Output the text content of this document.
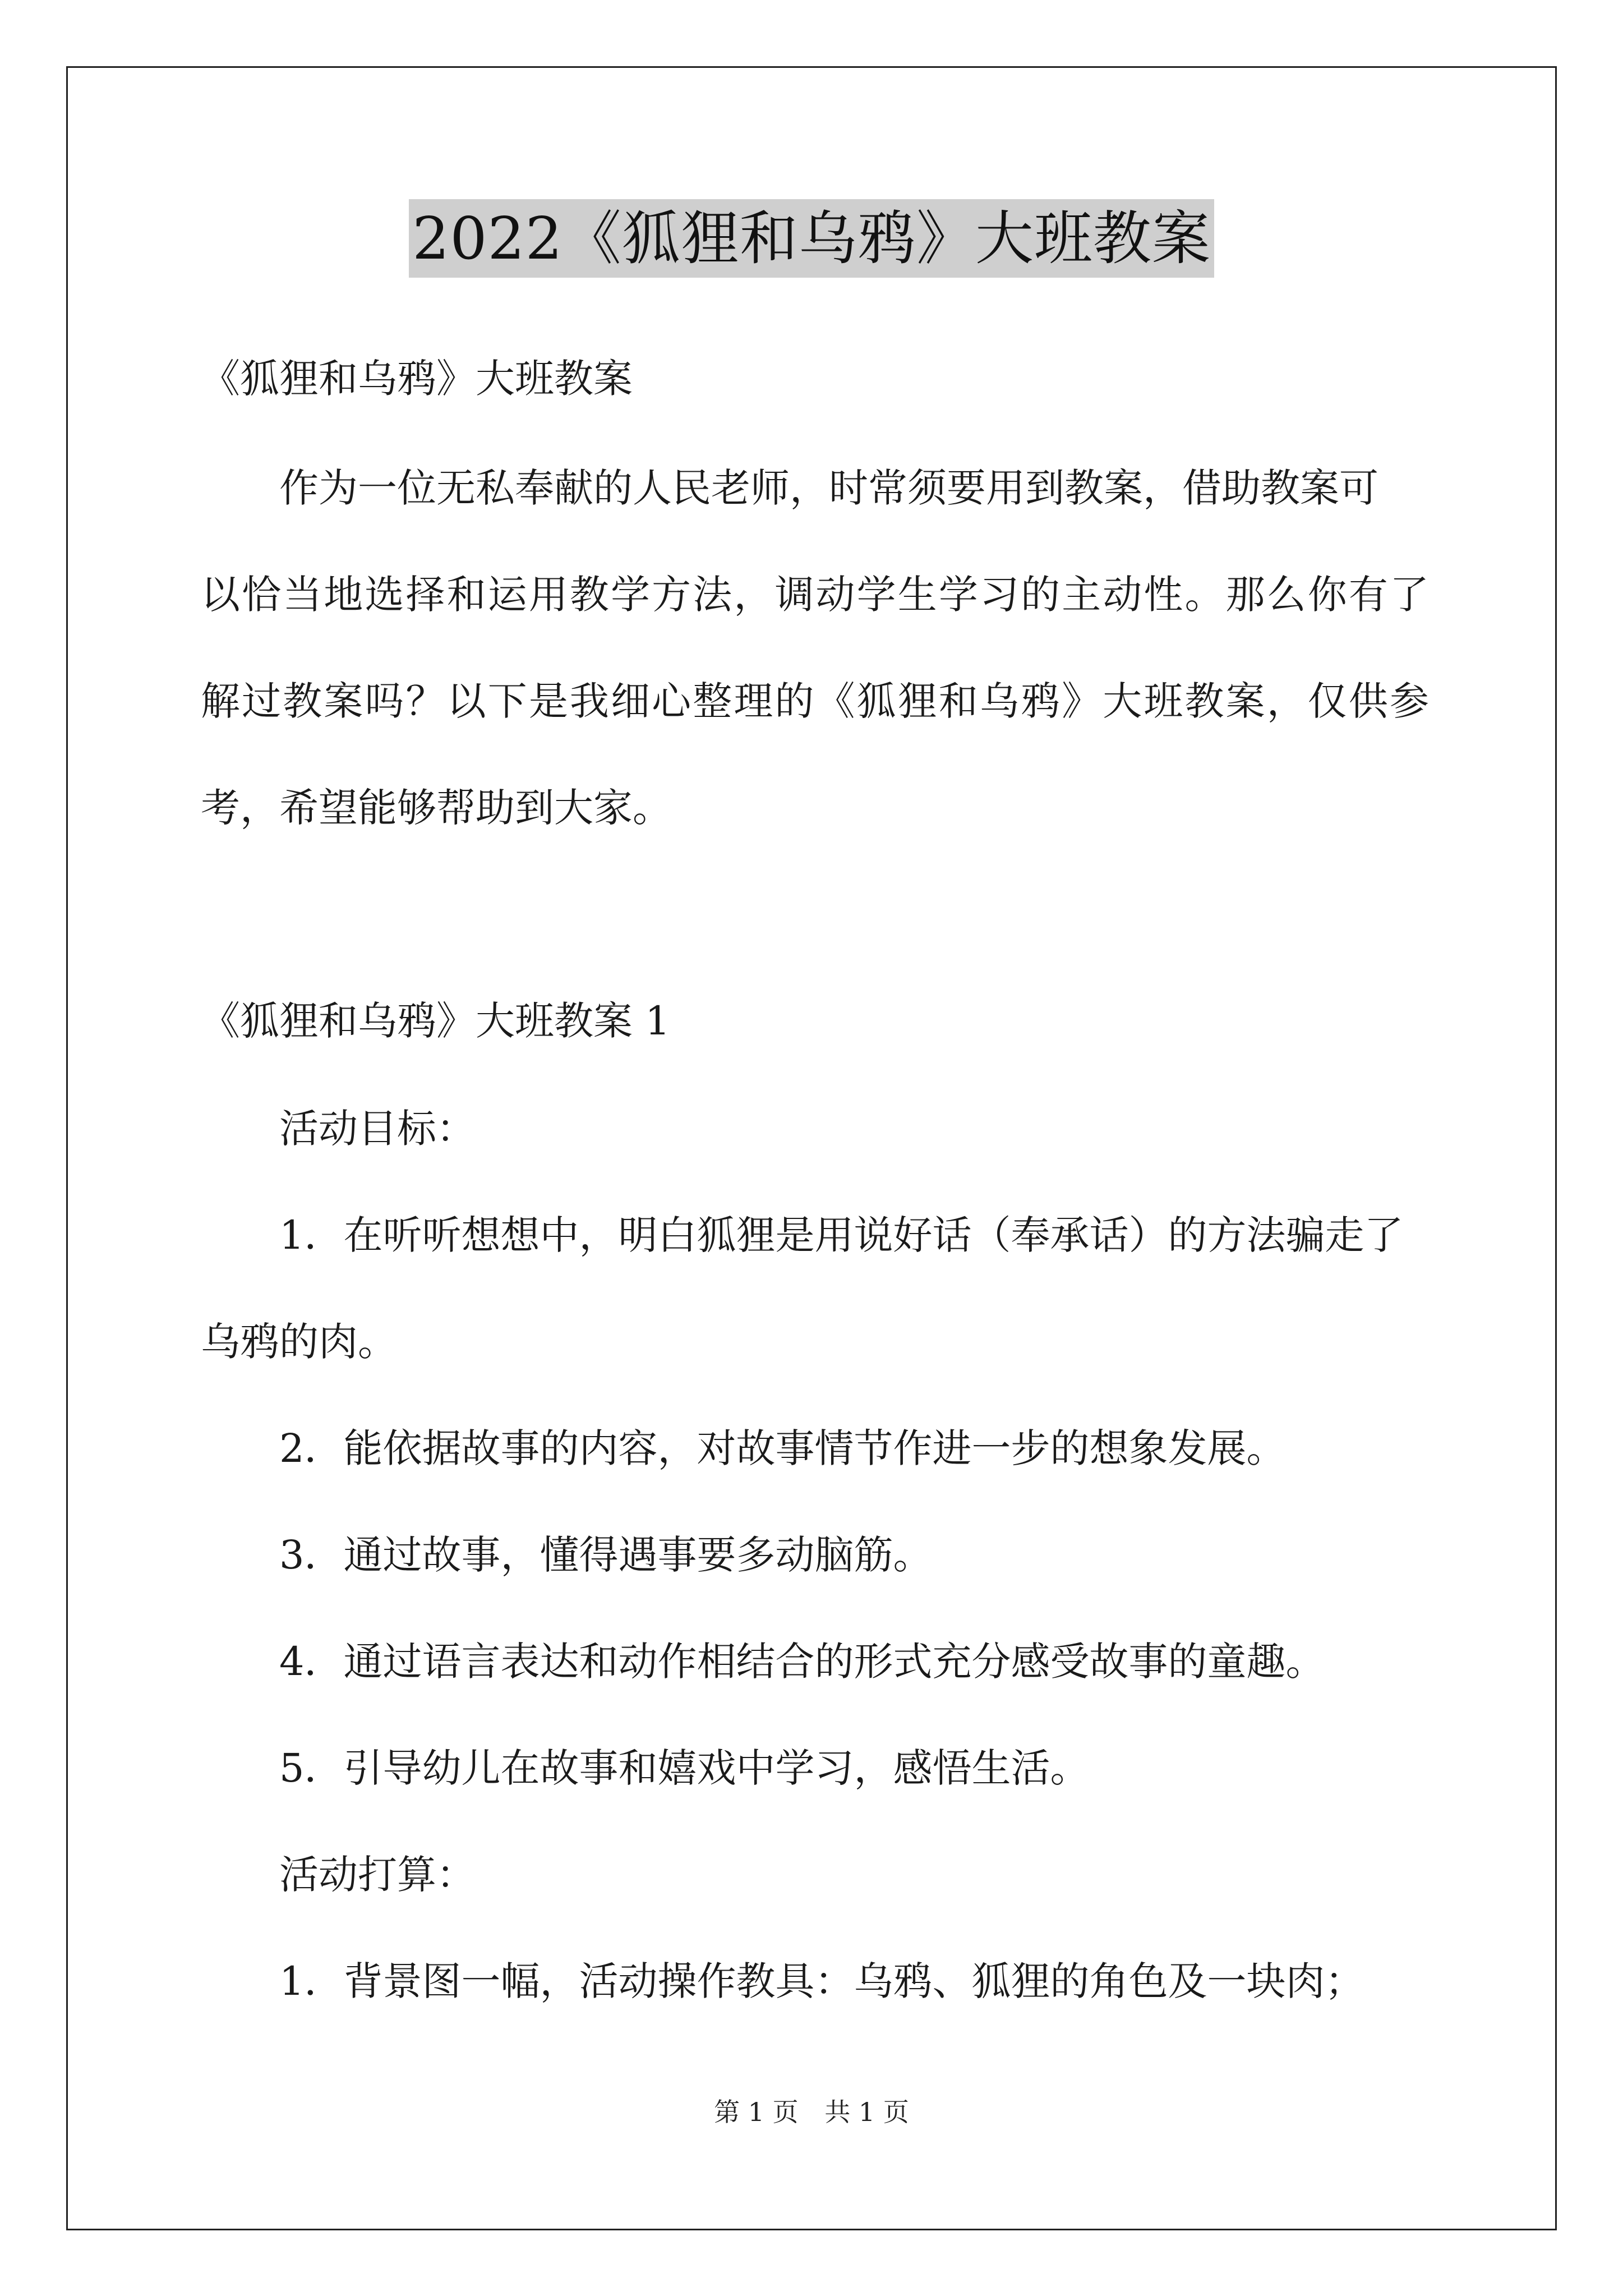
2022《狐狸和乌鸦》大班教案
《狐狸和乌鸦》大班教案
作为一位无私奉献的人民老师，时常须要用到教案，借助教案可
以恰当地选择和运用教学方法，调动学生学习的主动性。那么你有了
解过教案吗？以下是我细心整理的《狐狸和乌鸦》大班教案，仅供参
考，希望能够帮助到大家。
《狐狸和乌鸦》大班教案 1
活动目标：
1．在听听想想中，明白狐狸是用说好话（奉承话）的方法骗走了
乌鸦的肉。
2．能依据故事的内容，对故事情节作进一步的想象发展。
3．通过故事，懂得遇事要多动脑筋。
4．通过语言表达和动作相结合的形式充分感受故事的童趣。
5．引导幼儿在故事和嬉戏中学习，感悟生活。
活动打算：
1．背景图一幅，活动操作教具：乌鸦、狐狸的角色及一块肉；
第 1 页 共 1 页
